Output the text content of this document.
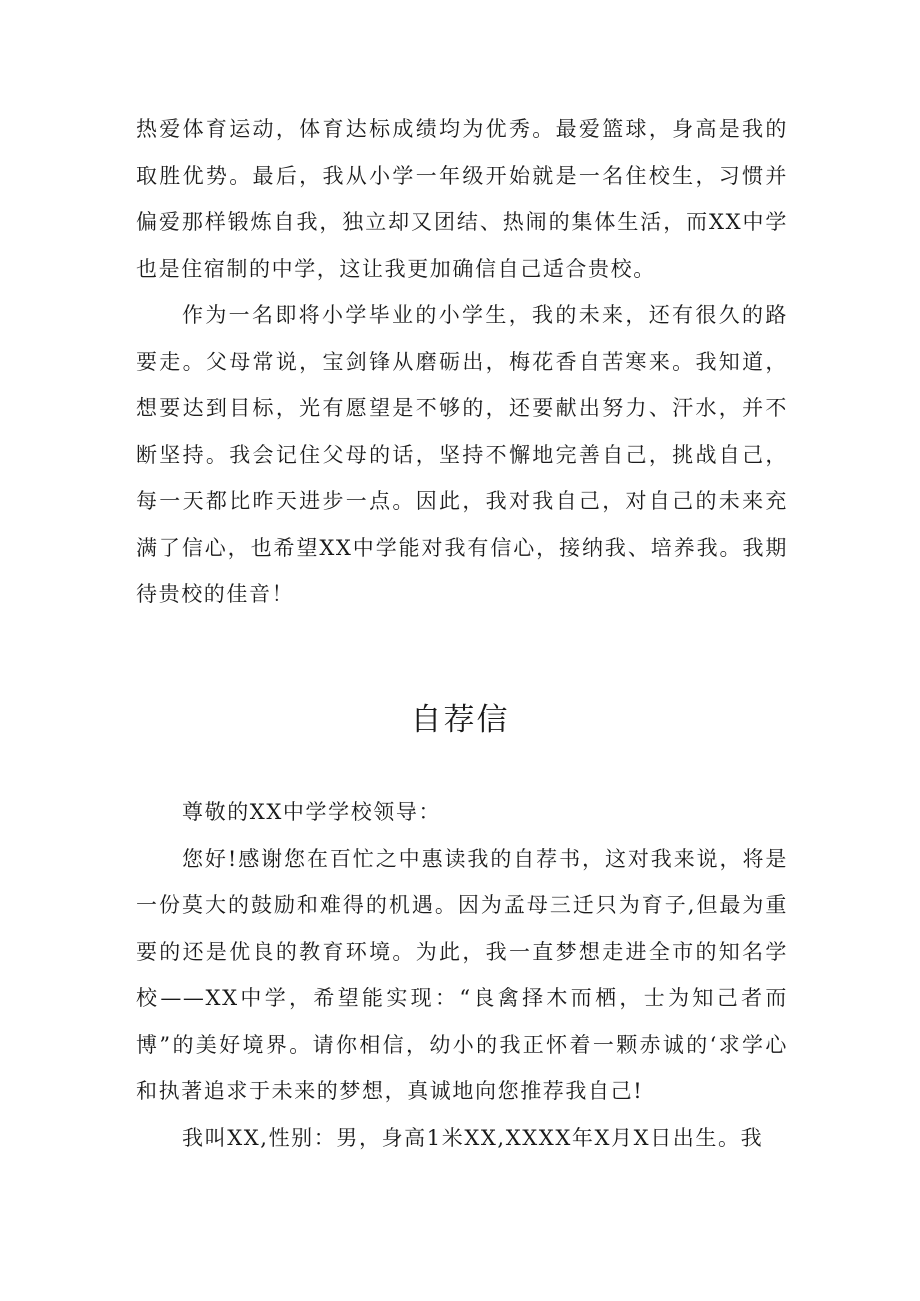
热爱体育运动，体育达标成绩均为优秀。最爱篮球，身高是我的取胜优势。最后，我从小学一年级开始就是一名住校生，习惯并偏爱那样锻炼自我，独立却又团结、热闹的集体生活，而XX中学也是住宿制的中学，这让我更加确信自己适合贵校。

作为一名即将小学毕业的小学生，我的未来，还有很久的路要走。父母常说，宝剑锋从磨砺出，梅花香自苦寒来。我知道，想要达到目标，光有愿望是不够的，还要献出努力、汗水，并不断坚持。我会记住父母的话，坚持不懈地完善自己，挑战自己，每一天都比昨天进步一点。因此，我对我自己，对自己的未来充满了信心，也希望XX中学能对我有信心，接纳我、培养我。我期待贵校的佳音！

自荐信

尊敬的XX中学学校领导：

您好!感谢您在百忙之中惠读我的自荐书，这对我来说，将是一份莫大的鼓励和难得的机遇。因为孟母三迁只为育子,但最为重要的还是优良的教育环境。为此，我一直梦想走进全市的知名学校——XX中学，希望能实现：“良禽择木而栖，士为知己者而博”的美好境界。请你相信，幼小的我正怀着一颗赤诚的‘求学心和执著追求于未来的梦想，真诚地向您推荐我自己!

我叫XX,性别：男，身高1米XX,XXXX年X月X日出生。我
